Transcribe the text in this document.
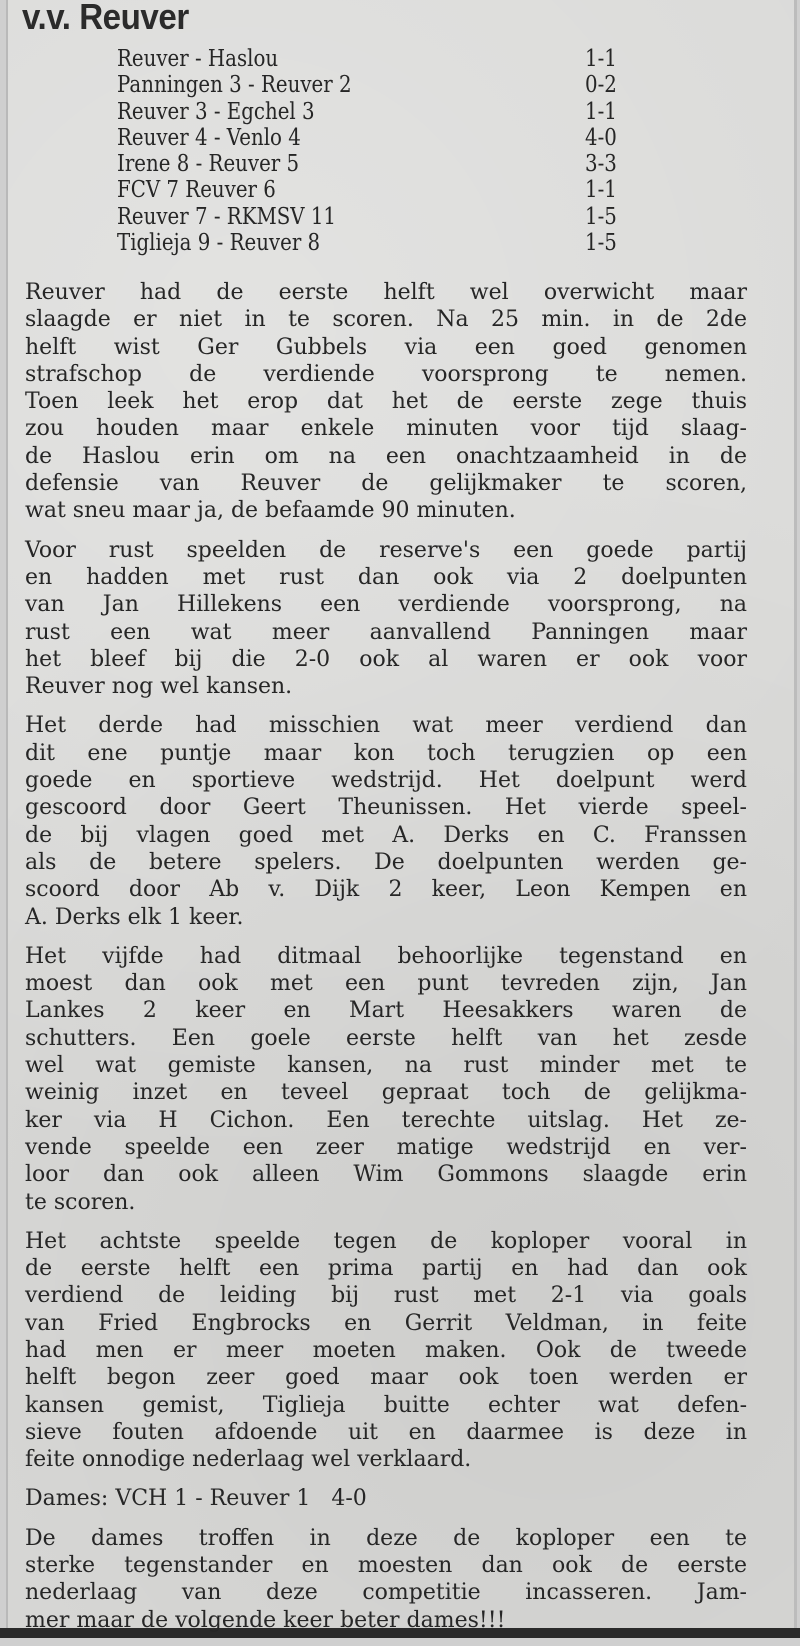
v.v. Reuver
Reuver - Haslou	1-1
Panningen 3 - Reuver 2	0-2
Reuver 3 - Egchel 3	1-1
Reuver 4 - Venlo 4	4-0
Irene 8 - Reuver 5	3-3
FCV 7 Reuver 6	1-1
Reuver 7 - RKMSV 11	1-5
Tiglieja 9 - Reuver 8	1-5
Reuver had de eerste helft wel overwicht maar
slaagde er niet in te scoren. Na 25 min. in de 2de
helft wist Ger Gubbels via een goed genomen
strafschop de verdiende voorsprong te nemen.
Toen leek het erop dat het de eerste zege thuis
zou houden maar enkele minuten voor tijd slaag-
de Haslou erin om na een onachtzaamheid in de
defensie van Reuver de gelijkmaker te scoren,
wat sneu maar ja, de befaamde 90 minuten.
Voor rust speelden de reserve's een goede partij
en hadden met rust dan ook via 2 doelpunten
van Jan Hillekens een verdiende voorsprong, na
rust een wat meer aanvallend Panningen maar
het bleef bij die 2-0 ook al waren er ook voor
Reuver nog wel kansen.
Het derde had misschien wat meer verdiend dan
dit ene puntje maar kon toch terugzien op een
goede en sportieve wedstrijd. Het doelpunt werd
gescoord door Geert Theunissen. Het vierde speel-
de bij vlagen goed met A. Derks en C. Franssen
als de betere spelers. De doelpunten werden ge-
scoord door Ab v. Dijk 2 keer, Leon Kempen en
A. Derks elk 1 keer.
Het vijfde had ditmaal behoorlijke tegenstand en
moest dan ook met een punt tevreden zijn, Jan
Lankes 2 keer en Mart Heesakkers waren de
schutters. Een goele eerste helft van het zesde
wel wat gemiste kansen, na rust minder met te
weinig inzet en teveel gepraat toch de gelijkma-
ker via H Cichon. Een terechte uitslag. Het ze-
vende speelde een zeer matige wedstrijd en ver-
loor dan ook alleen Wim Gommons slaagde erin
te scoren.
Het achtste speelde tegen de koploper vooral in
de eerste helft een prima partij en had dan ook
verdiend de leiding bij rust met 2-1 via goals
van Fried Engbrocks en Gerrit Veldman, in feite
had men er meer moeten maken. Ook de tweede
helft begon zeer goed maar ook toen werden er
kansen gemist, Tiglieja buitte echter wat defen-
sieve fouten afdoende uit en daarmee is deze in
feite onnodige nederlaag wel verklaard.
Dames: VCH 1 - Reuver 1   4-0
De dames troffen in deze de koploper een te
sterke tegenstander en moesten dan ook de eerste
nederlaag van deze competitie incasseren. Jam-
mer maar de volgende keer beter dames!!!
